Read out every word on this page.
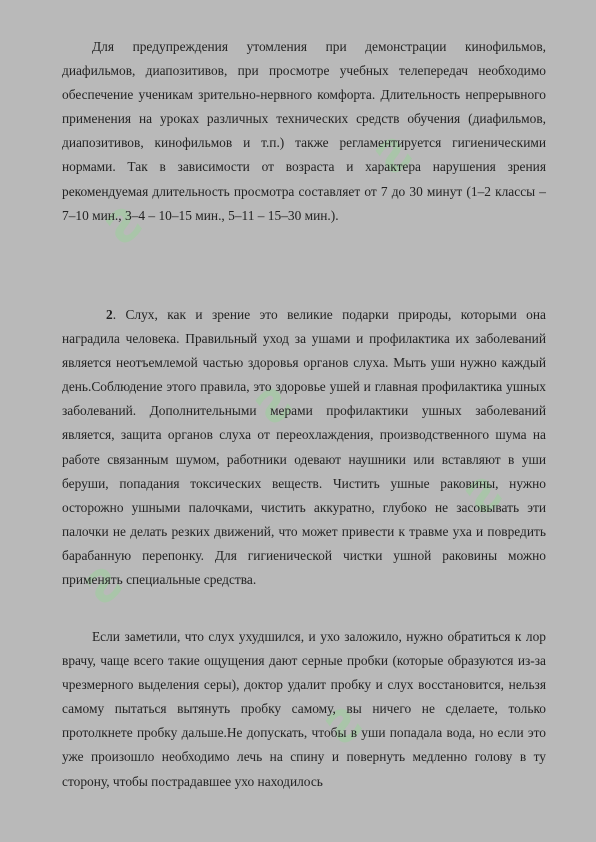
Ꙅ
Ꙅ
Ꙅ
Ꙅ
Ꙅ
Ꙅ

Для предупреждения утомления при демонстрации кинофильмов, диафильмов, диапозитивов, при просмотре учебных телепередач необходимо обеспечение ученикам зрительно-нервного комфорта. Длительность непрерывного применения на уроках различных технических средств обучения (диафильмов, диапозитивов, кинофильмов и т.п.) также регламентируется гигиеническими нормами. Так в зависимости от возраста и характера нарушения зрения рекомендуемая длительность просмотра составляет от 7 до 30 минут (1–2 классы – 7–10 мин., 3–4 – 10–15 мин., 5–11 – 15–30 мин.).

2. Слух, как и зрение это великие подарки природы, которыми она наградила человека. Правильный уход за ушами и профилактика их заболеваний является неотъемлемой частью здоровья органов слуха. Мыть уши нужно каждый день.Соблюдение этого правила, это здоровье ушей и главная профилактика ушных заболеваний. Дополнительными мерами профилактики ушных заболеваний является, защита органов слуха от переохлаждения, производственного шума на работе связанным шумом, работники одевают наушники или вставляют в уши беруши, попадания токсических веществ. Чистить ушные раковины, нужно осторожно ушными палочками, чистить аккуратно, глубоко не засовывать эти палочки не делать резких движений, что может привести к травме уха и повредить барабанную перепонку. Для гигиенической чистки ушной раковины можно применять специальные средства.

Если заметили, что слух ухудшился, и ухо заложило, нужно обратиться к лор врачу, чаще всего такие ощущения дают серные пробки (которые образуются из-за чрезмерного выделения серы), доктор удалит пробку и слух восстановится, нельзя самому пытаться вытянуть пробку самому, вы ничего не сделаете, только протолкнете пробку дальше.Не допускать, чтобы в уши попадала вода, но если это уже произошло необходимо лечь на спину и повернуть медленно голову в ту сторону, чтобы пострадавшее ухо находилось
